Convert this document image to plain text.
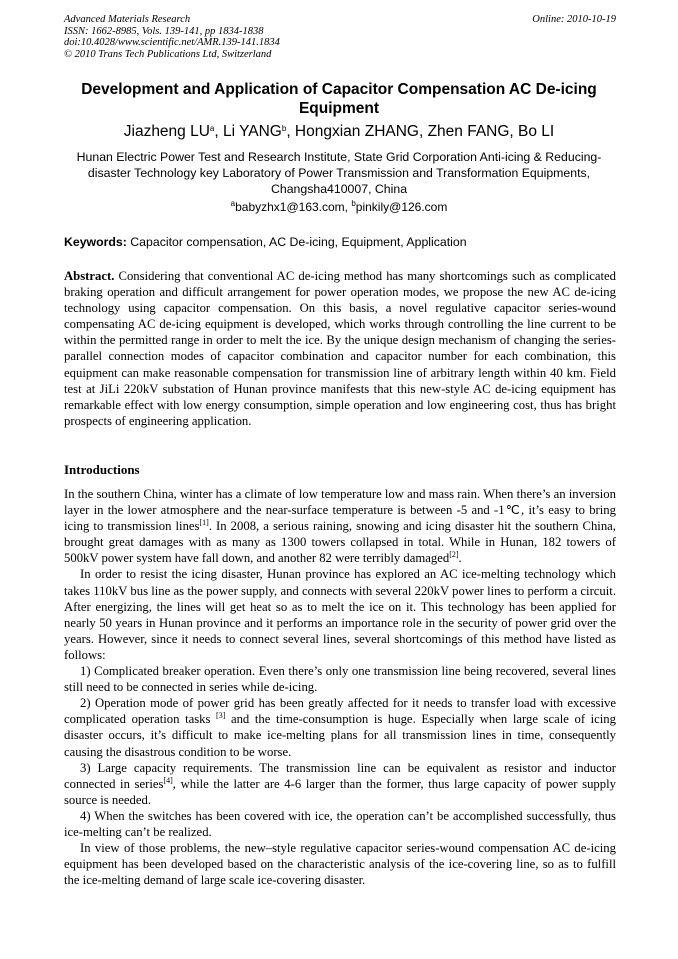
Advanced Materials Research	Online: 2010-10-19
ISSN: 1662-8985, Vols. 139-141, pp 1834-1838
doi:10.4028/www.scientific.net/AMR.139-141.1834
© 2010 Trans Tech Publications Ltd, Switzerland
Development and Application of Capacitor Compensation AC De-icing Equipment
Jiazheng $LU^a$, Li YANG$^b$, Hongxian ZHANG, Zhen FANG, Bo LI
Hunan Electric Power Test and Research Institute, State Grid Corporation Anti-icing & Reducing-disaster Technology key Laboratory of Power Transmission and Transformation Equipments, Changsha410007, China
$^a$babyzhx1@163.com, $^b$pinkily@126.com
Keywords: Capacitor compensation, AC De-icing, Equipment, Application
Abstract. Considering that conventional AC de-icing method has many shortcomings such as complicated braking operation and difficult arrangement for power operation modes, we propose the new AC de-icing technology using capacitor compensation. On this basis, a novel regulative capacitor series-wound compensating AC de-icing equipment is developed, which works through controlling the line current to be within the permitted range in order to melt the ice. By the unique design mechanism of changing the series-parallel connection modes of capacitor combination and capacitor number for each combination, this equipment can make reasonable compensation for transmission line of arbitrary length within 40 km. Field test at JiLi 220kV substation of Hunan province manifests that this new-style AC de-icing equipment has remarkable effect with low energy consumption, simple operation and low engineering cost, thus has bright prospects of engineering application.
Introductions

In the southern China, winter has a climate of low temperature low and mass rain. When there’s an inversion layer in the lower atmosphere and the near-surface temperature is between -5 and -1℃, it’s easy to bring icing to transmission lines[1]. In 2008, a serious raining, snowing and icing disaster hit the southern China, brought great damages with as many as 1300 towers collapsed in total. While in Hunan, 182 towers of 500kV power system have fall down, and another 82 were terribly damaged[2].

In order to resist the icing disaster, Hunan province has explored an AC ice-melting technology which takes 110kV bus line as the power supply, and connects with several 220kV power lines to perform a circuit. After energizing, the lines will get heat so as to melt the ice on it. This technology has been applied for nearly 50 years in Hunan province and it performs an importance role in the security of power grid over the years. However, since it needs to connect several lines, several shortcomings of this method have listed as follows:

1) Complicated breaker operation. Even there’s only one transmission line being recovered, several lines still need to be connected in series while de-icing.

2) Operation mode of power grid has been greatly affected for it needs to transfer load with excessive complicated operation tasks [3] and the time-consumption is huge. Especially when large scale of icing disaster occurs, it’s difficult to make ice-melting plans for all transmission lines in time, consequently causing the disastrous condition to be worse.

3) Large capacity requirements. The transmission line can be equivalent as resistor and inductor connected in series[4], while the latter are 4-6 larger than the former, thus large capacity of power supply source is needed.

4) When the switches has been covered with ice, the operation can’t be accomplished successfully, thus ice-melting can’t be realized.

In view of those problems, the new–style regulative capacitor series-wound compensation AC de-icing equipment has been developed based on the characteristic analysis of the ice-covering line, so as to fulfill the ice-melting demand of large scale ice-covering disaster.
